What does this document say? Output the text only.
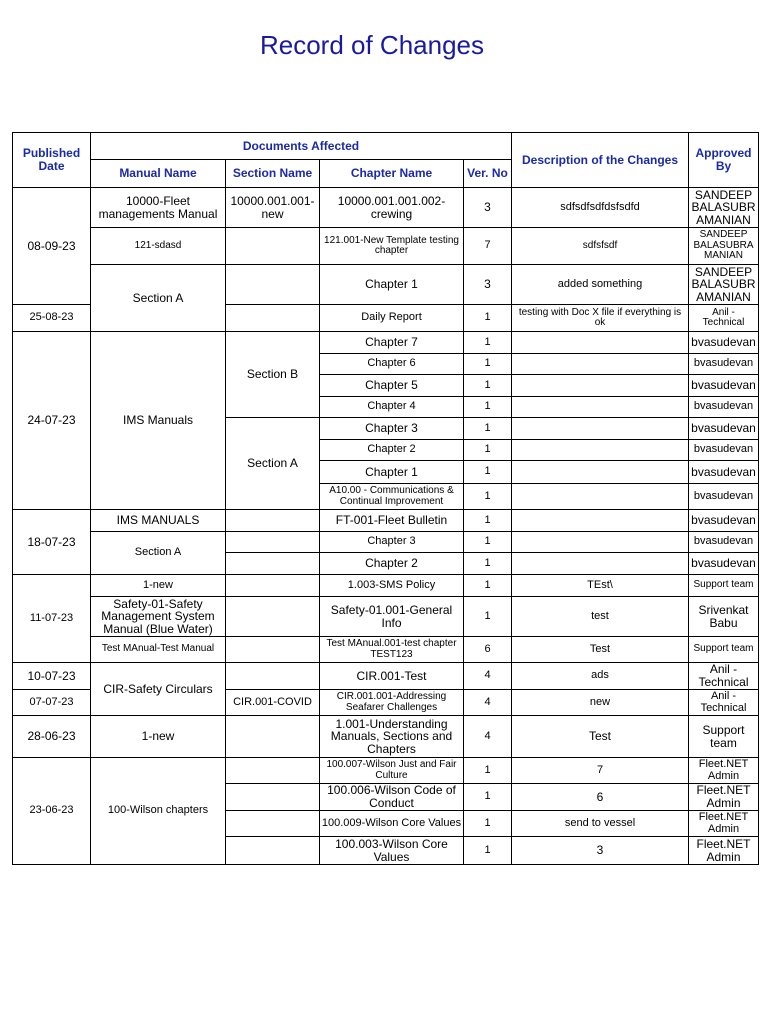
Record of Changes
Published Date	Documents Affected				Description of the Changes	Approved By
	Manual Name	Section Name	Chapter Name	Ver. No		
08-09-23	10000-Fleet managements Manual	10000.001.001-new	10000.001.001.002-crewing	3	sdfsdfsdfdsfsdfd	SANDEEP BALASUBRAMANIAN
	121-sdasd		121.001-New Template testing chapter	7	sdfsfsdf	SANDEEP BALASUBRAMANIAN
	Section A		Chapter 1	3	added something	SANDEEP BALASUBRAMANIAN
25-08-23			Daily Report	1	testing with Doc X file if everything is ok	Anil - Technical
24-07-23	IMS Manuals	Section B	Chapter 7	1		bvasudevan
			Chapter 6	1		bvasudevan
			Chapter 5	1		bvasudevan
			Chapter 4	1		bvasudevan
		Section A	Chapter 3	1		bvasudevan
			Chapter 2	1		bvasudevan
			Chapter 1	1		bvasudevan
			A10.00 - Communications & Continual Improvement	1		bvasudevan
18-07-23	IMS MANUALS		FT-001-Fleet Bulletin	1		bvasudevan
	Section A		Chapter 3	1		bvasudevan
			Chapter 2	1		bvasudevan
11-07-23	1-new		1.003-SMS Policy	1	TEst\	Support team
	Safety-01-Safety Management System Manual (Blue Water)		Safety-01.001-General Info	1	test	Srivenkat Babu
	Test MAnual-Test Manual		Test MAnual.001-test chapter TEST123	6	Test	Support team
10-07-23	CIR-Safety Circulars		CIR.001-Test	4	ads	Anil - Technical
07-07-23		CIR.001-COVID	CIR.001.001-Addressing Seafarer Challenges	4	new	Anil - Technical
28-06-23	1-new		1.001-Understanding Manuals, Sections and Chapters	4	Test	Support team
23-06-23	100-Wilson chapters		100.007-Wilson Just and Fair Culture	1	7	Fleet.NET Admin
			100.006-Wilson Code of Conduct	1	6	Fleet.NET Admin
			100.009-Wilson Core Values	1	send to vessel	Fleet.NET Admin
			100.003-Wilson Core Values	1	3	Fleet.NET Admin
